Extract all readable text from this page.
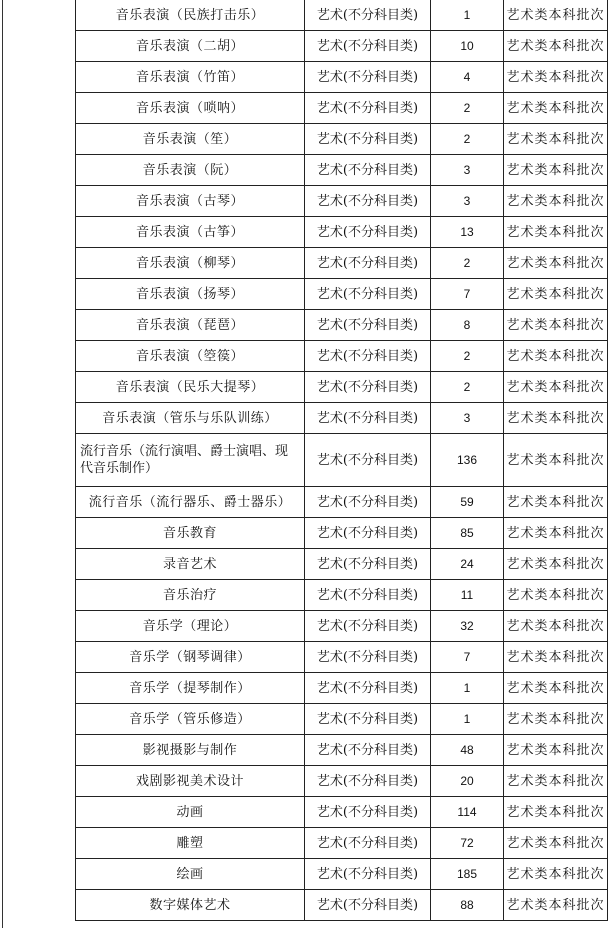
音乐表演（民族打击乐）	艺术(不分科目类)	1	艺术类本科批次
音乐表演（二胡）	艺术(不分科目类)	10	艺术类本科批次
音乐表演（竹笛）	艺术(不分科目类)	4	艺术类本科批次
音乐表演（唢呐）	艺术(不分科目类)	2	艺术类本科批次
音乐表演（笙）	艺术(不分科目类)	2	艺术类本科批次
音乐表演（阮）	艺术(不分科目类)	3	艺术类本科批次
音乐表演（古琴）	艺术(不分科目类)	3	艺术类本科批次
音乐表演（古筝）	艺术(不分科目类)	13	艺术类本科批次
音乐表演（柳琴）	艺术(不分科目类)	2	艺术类本科批次
音乐表演（扬琴）	艺术(不分科目类)	7	艺术类本科批次
音乐表演（琵琶）	艺术(不分科目类)	8	艺术类本科批次
音乐表演（箜篌）	艺术(不分科目类)	2	艺术类本科批次
音乐表演（民乐大提琴）	艺术(不分科目类)	2	艺术类本科批次
音乐表演（管乐与乐队训练）	艺术(不分科目类)	3	艺术类本科批次
流行音乐（流行演唱、爵士演唱、现代音乐制作）	艺术(不分科目类)	136	艺术类本科批次
流行音乐（流行器乐、爵士器乐）	艺术(不分科目类)	59	艺术类本科批次
音乐教育	艺术(不分科目类)	85	艺术类本科批次
录音艺术	艺术(不分科目类)	24	艺术类本科批次
音乐治疗	艺术(不分科目类)	11	艺术类本科批次
音乐学（理论）	艺术(不分科目类)	32	艺术类本科批次
音乐学（钢琴调律）	艺术(不分科目类)	7	艺术类本科批次
音乐学（提琴制作）	艺术(不分科目类)	1	艺术类本科批次
音乐学（管乐修造）	艺术(不分科目类)	1	艺术类本科批次
影视摄影与制作	艺术(不分科目类)	48	艺术类本科批次
戏剧影视美术设计	艺术(不分科目类)	20	艺术类本科批次
动画	艺术(不分科目类)	114	艺术类本科批次
雕塑	艺术(不分科目类)	72	艺术类本科批次
绘画	艺术(不分科目类)	185	艺术类本科批次
数字媒体艺术	艺术(不分科目类)	88	艺术类本科批次
